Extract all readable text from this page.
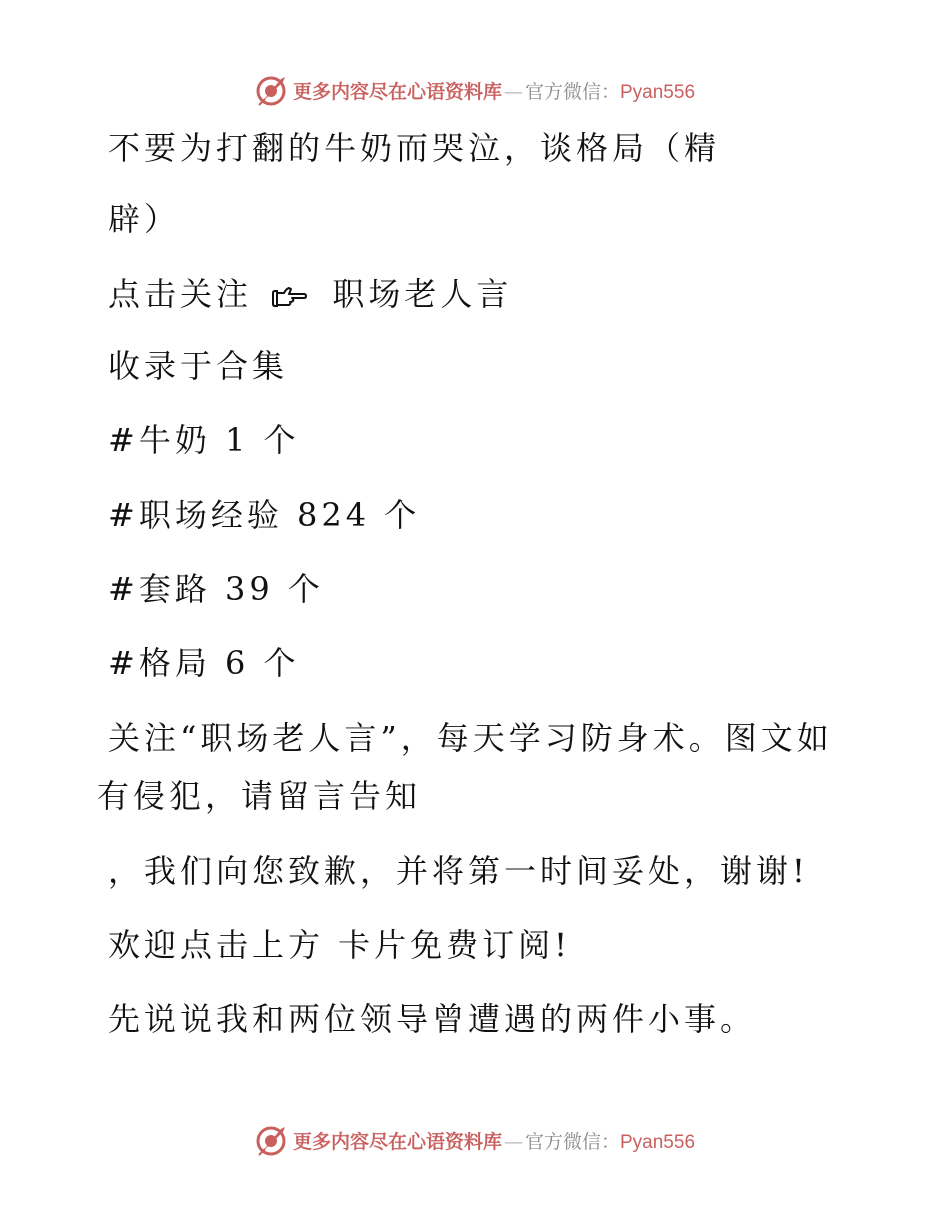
更多内容尽在心语资料库 — 官方微信：Pyan556
不要为打翻的牛奶而哭泣，谈格局（精
辟）
点击关注	职场老人言
收录于合集
#牛奶 1 个
#职场经验 824 个
#套路 39 个
#格局 6 个
关注“职场老人言”，每天学习防身术。图文如
有侵犯，请留言告知
，我们向您致歉，并将第一时间妥处，谢谢!
欢迎点击上方 卡片免费订阅!
先说说我和两位领导曾遭遇的两件小事。
更多内容尽在心语资料库 — 官方微信：Pyan556
